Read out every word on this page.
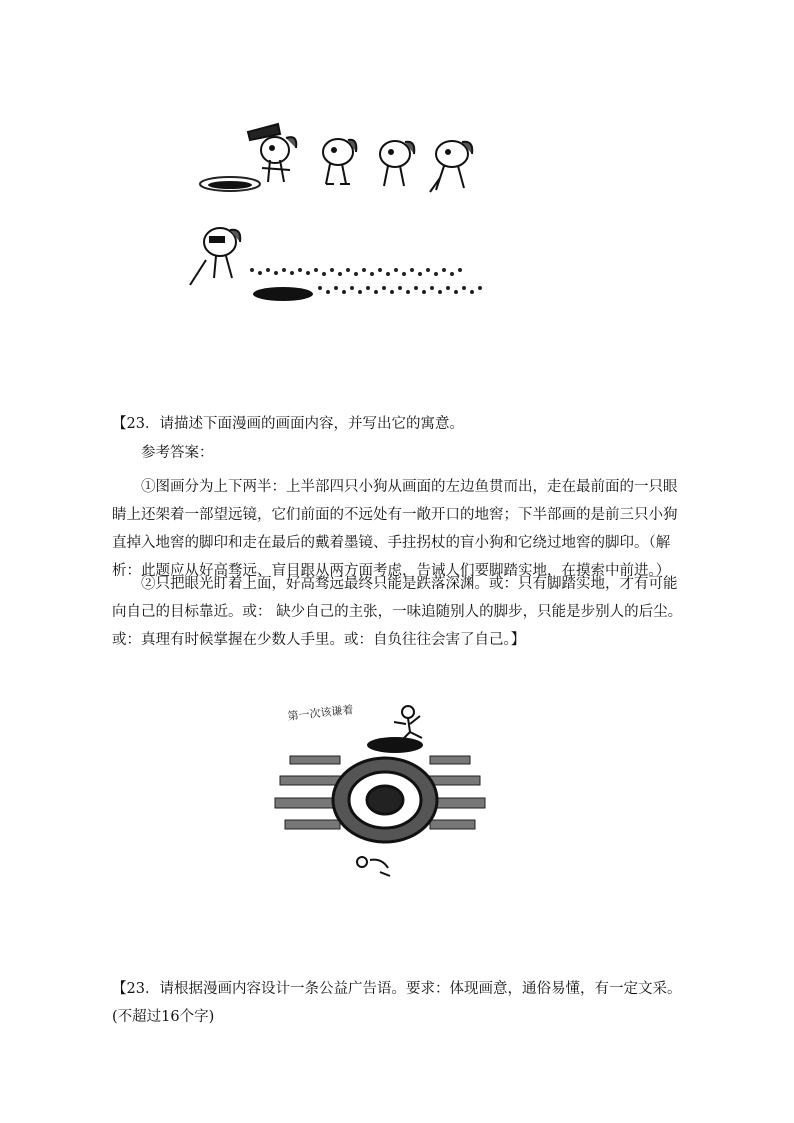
【23．请描述下面漫画的画面内容，并写出它的寓意。

参考答案：

①图画分为上下两半：上半部四只小狗从画面的左边鱼贯而出，走在最前面的一只眼睛上还架着一部望远镜，它们前面的不远处有一敞开口的地窖；下半部画的是前三只小狗直掉入地窖的脚印和走在最后的戴着墨镜、手拄拐杖的盲小狗和它绕过地窖的脚印。（解析：此题应从好高骛远、盲目跟从两方面考虑，告诫人们要脚踏实地，在摸索中前进。）

②只把眼光盯着上面，好高骛远最终只能是跌落深渊。或：只有脚踏实地，才有可能向自己的目标靠近。或： 缺少自己的主张，一味追随别人的脚步，只能是步别人的后尘。或：真理有时候掌握在少数人手里。或：自负往往会害了自己。】

第一次该谦着

【23．请根据漫画内容设计一条公益广告语。要求：体现画意，通俗易懂，有一定文采。(不超过16个字)
